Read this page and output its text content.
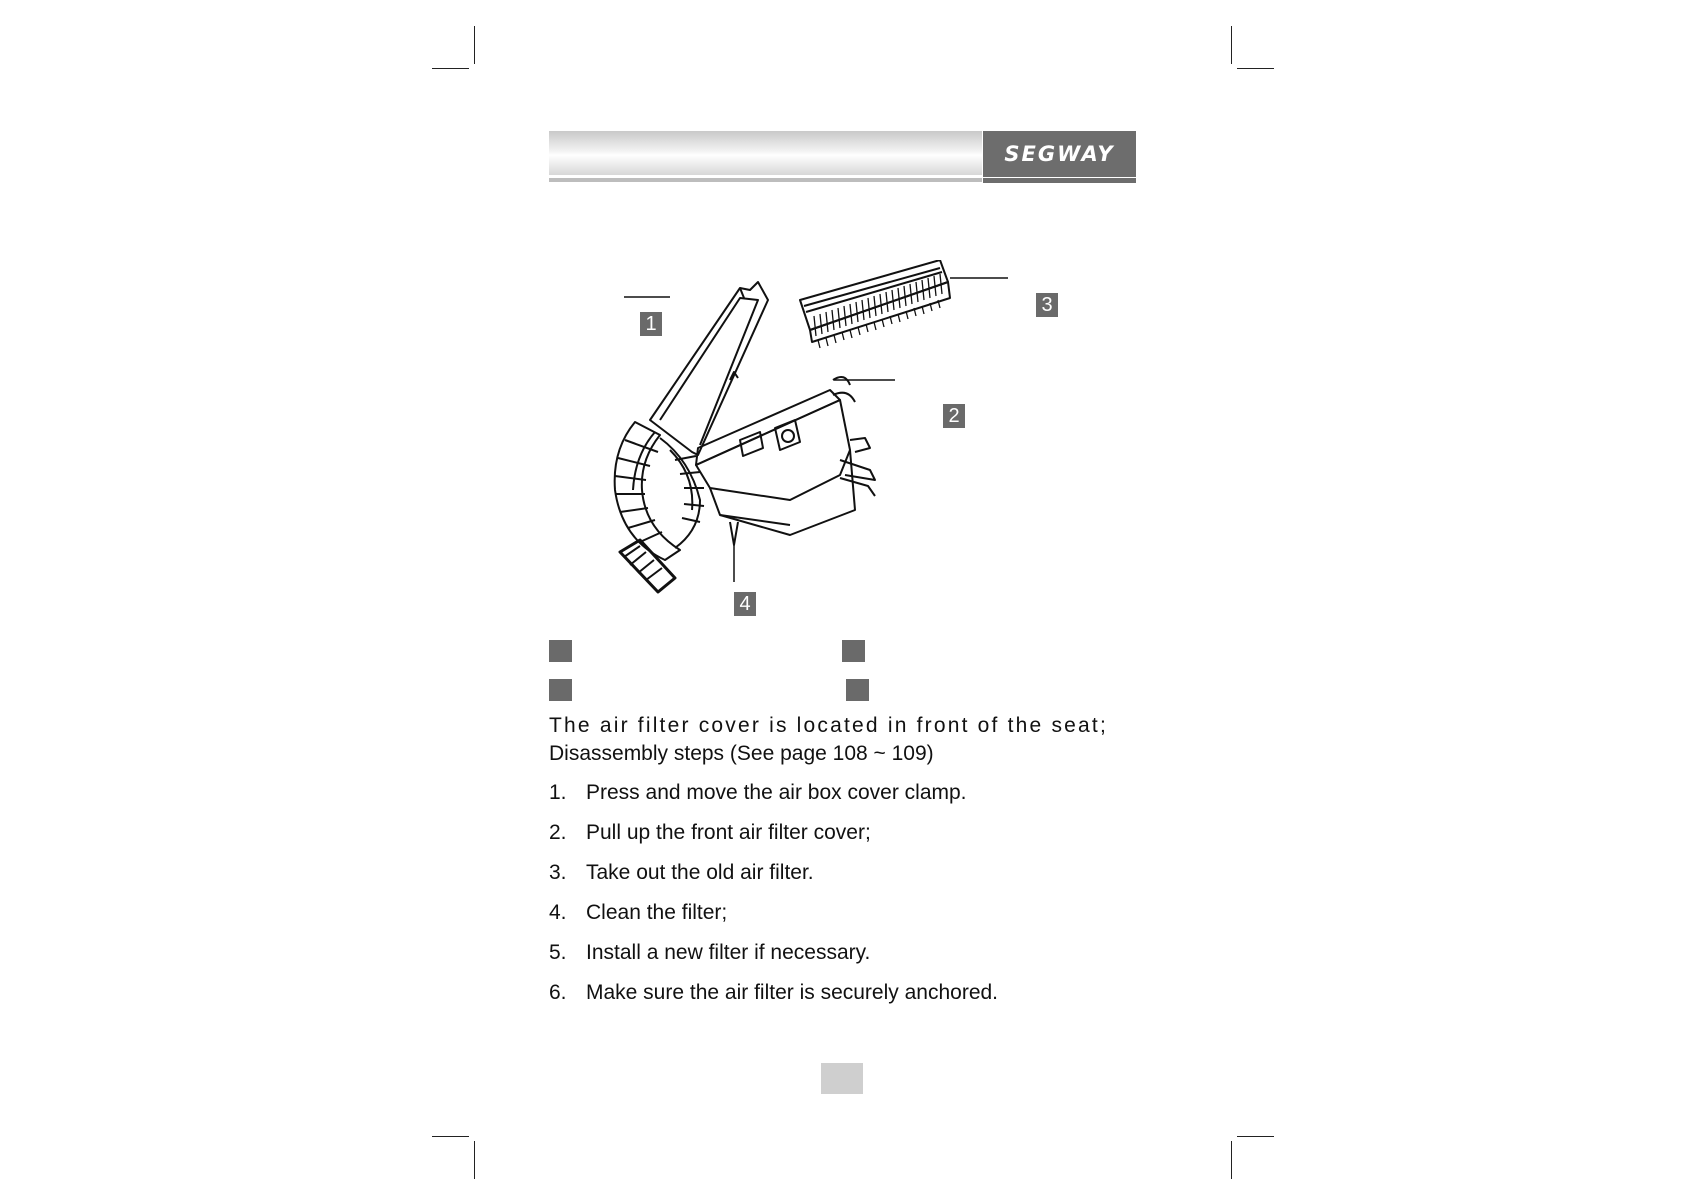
SEGWAY
1
2
3
4
The air filter cover is located in front of the seat;
Disassembly steps (See page 108 ~ 109)
1. Press and move the air box cover clamp.
2. Pull up the front air filter cover;
3. Take out the old air filter.
4. Clean the filter;
5. Install a new filter if necessary.
6. Make sure the air filter is securely anchored.
